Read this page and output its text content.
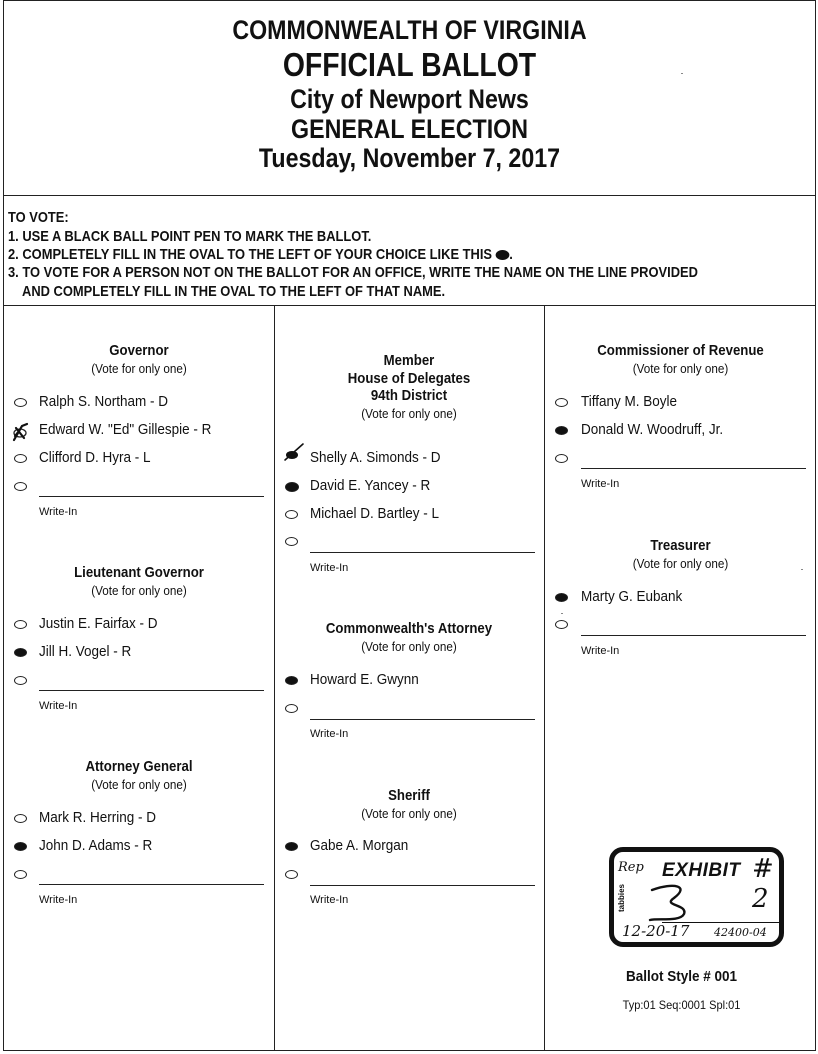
COMMONWEALTH OF VIRGINIA
OFFICIAL BALLOT
City of Newport News
GENERAL ELECTION
Tuesday, November 7, 2017
TO VOTE:
1. USE A BLACK BALL POINT PEN TO MARK THE BALLOT.
2. COMPLETELY FILL IN THE OVAL TO THE LEFT OF YOUR CHOICE LIKE THIS .
3. TO VOTE FOR A PERSON NOT ON THE BALLOT FOR AN OFFICE, WRITE THE NAME ON THE LINE PROVIDED
AND COMPLETELY FILL IN THE OVAL TO THE LEFT OF THAT NAME.
Governor
(Vote for only one)
Ralph S. Northam - D
Edward W. "Ed" Gillespie - R
Clifford D. Hyra - L
Write-In
Lieutenant Governor
(Vote for only one)
Justin E. Fairfax - D
Jill H. Vogel - R
Write-In
Attorney General
(Vote for only one)
Mark R. Herring - D
John D. Adams - R
Write-In
Member
House of Delegates
94th District
(Vote for only one)
Shelly A. Simonds - D
David E. Yancey - R
Michael D. Bartley - L
Write-In
Commonwealth's Attorney
(Vote for only one)
Howard E. Gwynn
Write-In
Sheriff
(Vote for only one)
Gabe A. Morgan
Write-In
Commissioner of Revenue
(Vote for only one)
Tiffany M. Boyle
Donald W. Woodruff, Jr.
Write-In
Treasurer
(Vote for only one)
Marty G. Eubank
Write-In
Rep EXHIBIT # 2
tabbies
12-20-17 42400-04
Ballot Style # 001
Typ:01 Seq:0001 Spl:01
